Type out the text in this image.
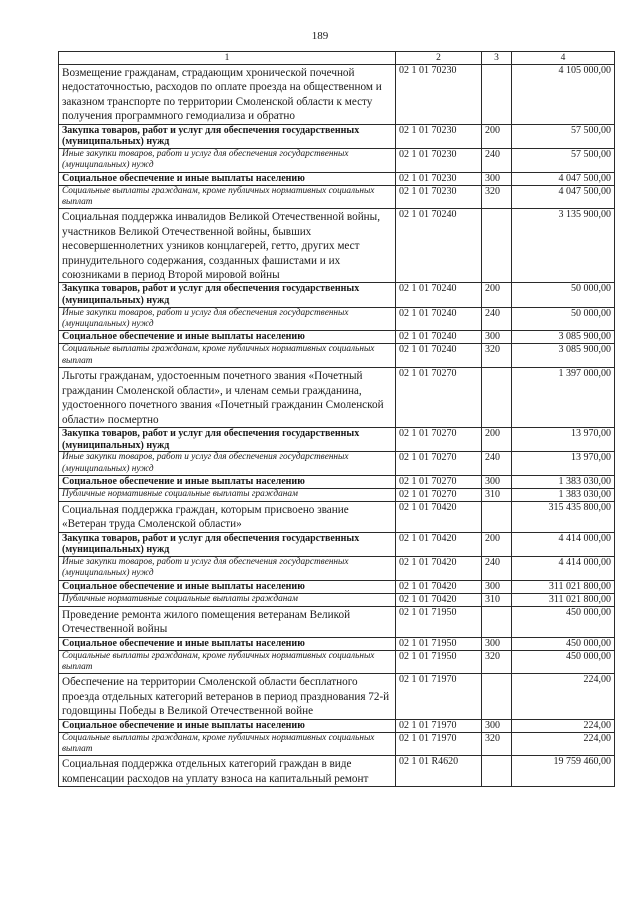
189
1	2	3	4
Возмещение гражданам, страдающим хронической почечной недостаточностью, расходов по оплате проезда на общественном и заказном транспорте по территории Смоленской области к месту получения программного гемодиализа и обратно	02 1 01 70230		4 105 000,00
Закупка товаров, работ и услуг для обеспечения государственных (муниципальных) нужд	02 1 01 70230	200	57 500,00
Иные закупки товаров, работ и услуг для обеспечения государственных (муниципальных) нужд	02 1 01 70230	240	57 500,00
Социальное обеспечение и иные выплаты населению	02 1 01 70230	300	4 047 500,00
Социальные выплаты гражданам, кроме публичных нормативных социальных выплат	02 1 01 70230	320	4 047 500,00
Социальная поддержка инвалидов Великой Отечественной войны, участников Великой Отечественной войны, бывших несовершеннолетних узников концлагерей, гетто, других мест принудительного содержания, созданных фашистами и их союзниками в период Второй мировой войны	02 1 01 70240		3 135 900,00
Закупка товаров, работ и услуг для обеспечения государственных (муниципальных) нужд	02 1 01 70240	200	50 000,00
Иные закупки товаров, работ и услуг для обеспечения государственных (муниципальных) нужд	02 1 01 70240	240	50 000,00
Социальное обеспечение и иные выплаты населению	02 1 01 70240	300	3 085 900,00
Социальные выплаты гражданам, кроме публичных нормативных социальных выплат	02 1 01 70240	320	3 085 900,00
Льготы гражданам, удостоенным почетного звания «Почетный гражданин Смоленской области», и членам семьи гражданина, удостоенного почетного звания «Почетный гражданин Смоленской области» посмертно	02 1 01 70270		1 397 000,00
Закупка товаров, работ и услуг для обеспечения государственных (муниципальных) нужд	02 1 01 70270	200	13 970,00
Иные закупки товаров, работ и услуг для обеспечения государственных (муниципальных) нужд	02 1 01 70270	240	13 970,00
Социальное обеспечение и иные выплаты населению	02 1 01 70270	300	1 383 030,00
Публичные нормативные социальные выплаты гражданам	02 1 01 70270	310	1 383 030,00
Социальная поддержка граждан, которым присвоено звание «Ветеран труда Смоленской области»	02 1 01 70420		315 435 800,00
Закупка товаров, работ и услуг для обеспечения государственных (муниципальных) нужд	02 1 01 70420	200	4 414 000,00
Иные закупки товаров, работ и услуг для обеспечения государственных (муниципальных) нужд	02 1 01 70420	240	4 414 000,00
Социальное обеспечение и иные выплаты населению	02 1 01 70420	300	311 021 800,00
Публичные нормативные социальные выплаты гражданам	02 1 01 70420	310	311 021 800,00
Проведение ремонта жилого помещения ветеранам Великой Отечественной войны	02 1 01 71950		450 000,00
Социальное обеспечение и иные выплаты населению	02 1 01 71950	300	450 000,00
Социальные выплаты гражданам, кроме публичных нормативных социальных выплат	02 1 01 71950	320	450 000,00
Обеспечение на территории Смоленской области бесплатного проезда отдельных категорий ветеранов в период празднования 72-й годовщины Победы в Великой Отечественной войне	02 1 01 71970		224,00
Социальное обеспечение и иные выплаты населению	02 1 01 71970	300	224,00
Социальные выплаты гражданам, кроме публичных нормативных социальных выплат	02 1 01 71970	320	224,00
Социальная поддержка отдельных категорий граждан в виде компенсации расходов на уплату взноса на капитальный ремонт	02 1 01 R4620		19 759 460,00
